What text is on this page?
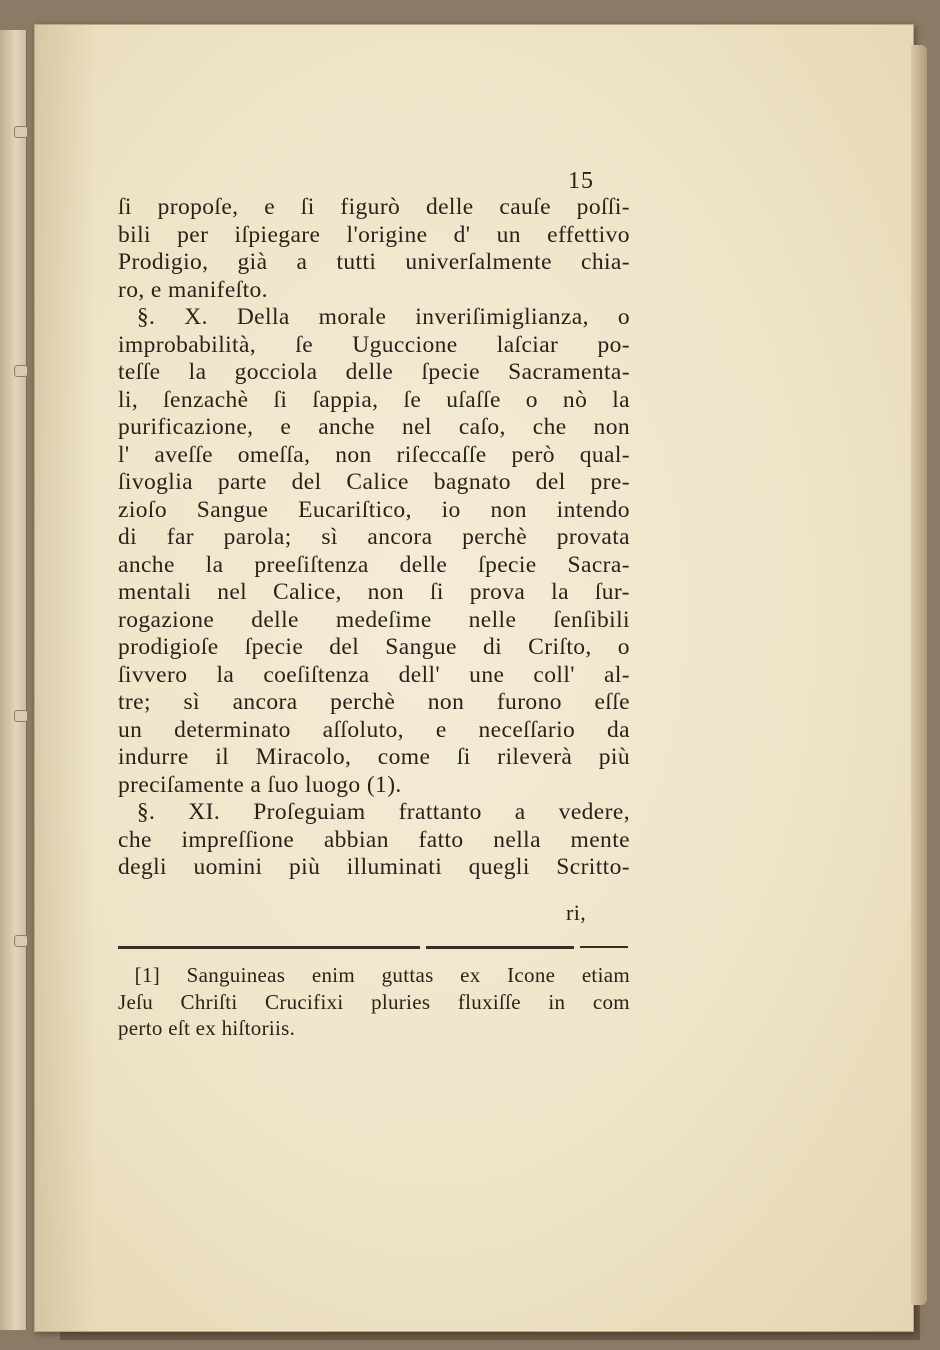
15
ſi propoſe, e ſi figurò delle cauſe poſſi-
bili per iſpiegare l'origine d' un effettivo
Prodigio, già a tutti univerſalmente chia-
ro, e manifeſto.
§. X. Della morale inveriſimiglianza, o
improbabilità, ſe Uguccione laſciar po-
teſſe la gocciola delle ſpecie Sacramenta-
li, ſenzachè ſi ſappia, ſe uſaſſe o nò la
purificazione, e anche nel caſo, che non
l' aveſſe omeſſa, non riſeccaſſe però qual-
ſivoglia parte del Calice bagnato del pre-
zioſo Sangue Eucariſtico, io non intendo
di far parola; sì ancora perchè provata
anche la preeſiſtenza delle ſpecie Sacra-
mentali nel Calice, non ſi prova la ſur-
rogazione delle medeſime nelle ſenſibili
prodigioſe ſpecie del Sangue di Criſto, o
ſivvero la coeſiſtenza dell' une coll' al-
tre; sì ancora perchè non furono eſſe
un determinato aſſoluto, e neceſſario da
indurre il Miracolo, come ſi rileverà più
preciſamente a ſuo luogo (1).
§. XI. Proſeguiam frattanto a vedere,
che impreſſione abbian fatto nella mente
degli uomini più illuminati quegli Scritto-
ri,
[1] Sanguineas enim guttas ex Icone etiam
Jeſu Chriſti Crucifixi pluries fluxiſſe in com
perto eſt ex hiſtoriis.
